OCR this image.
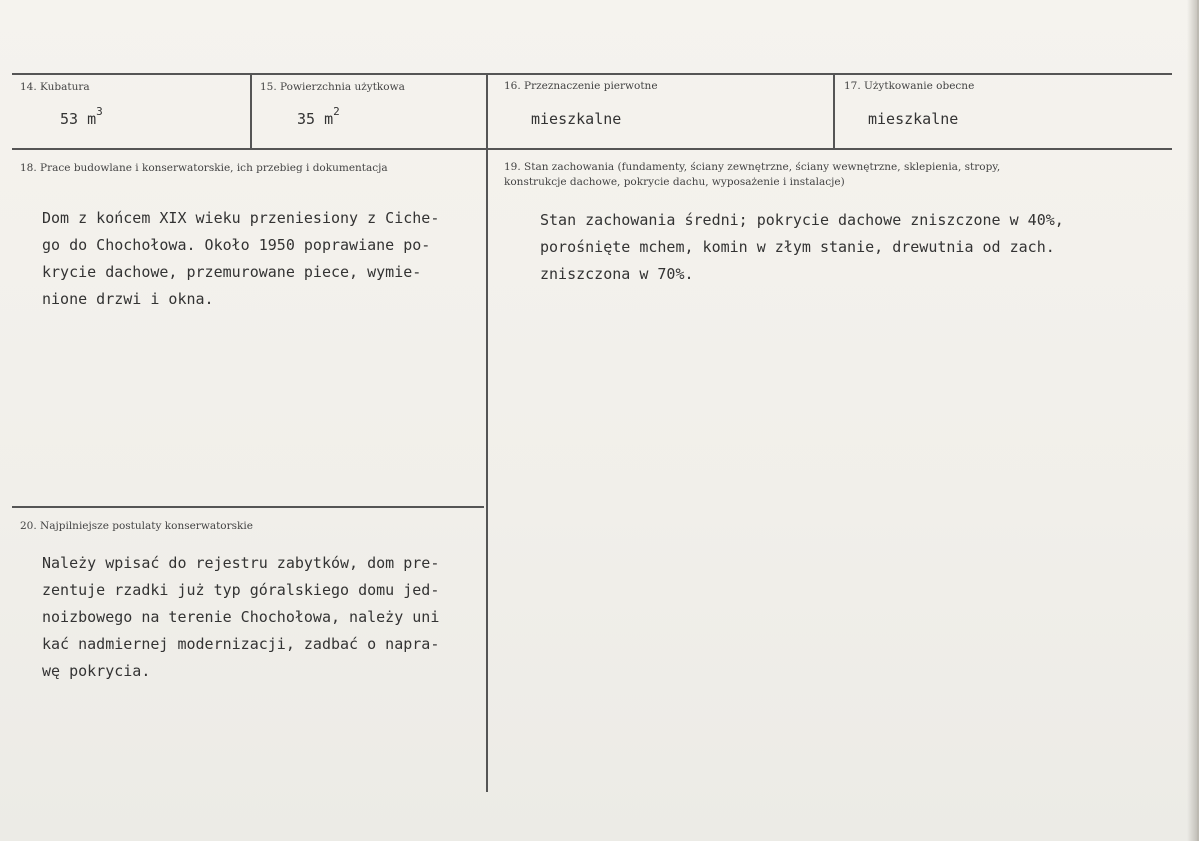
14. Kubatura
53 $m^3$
15. Powierzchnia użytkowa
35 $m^2$
16. Przeznaczenie pierwotne
mieszkalne
17. Użytkowanie obecne
mieszkalne
18. Prace budowlane i konserwatorskie, ich przebieg i dokumentacja
Dom z końcem XIX wieku przeniesiony z Ciche-
go do Chochołowa. Około 1950 poprawiane po-
krycie dachowe, przemurowane piece, wymie-
nione drzwi i okna.
19. Stan zachowania (fundamenty, ściany zewnętrzne, ściany wewnętrzne, sklepienia, stropy,
konstrukcje dachowe, pokrycie dachu, wyposażenie i instalacje)
Stan zachowania średni; pokrycie dachowe zniszczone w 40%,
porośnięte mchem, komin w złym stanie, drewutnia od zach.
zniszczona w 70%.
20. Najpilniejsze postulaty konserwatorskie
Należy wpisać do rejestru zabytków, dom pre-
zentuje rzadki już typ góralskiego domu jed-
noizbowego na terenie Chochołowa, należy uni
kać nadmiernej modernizacji, zadbać o napra-
wę pokrycia.
